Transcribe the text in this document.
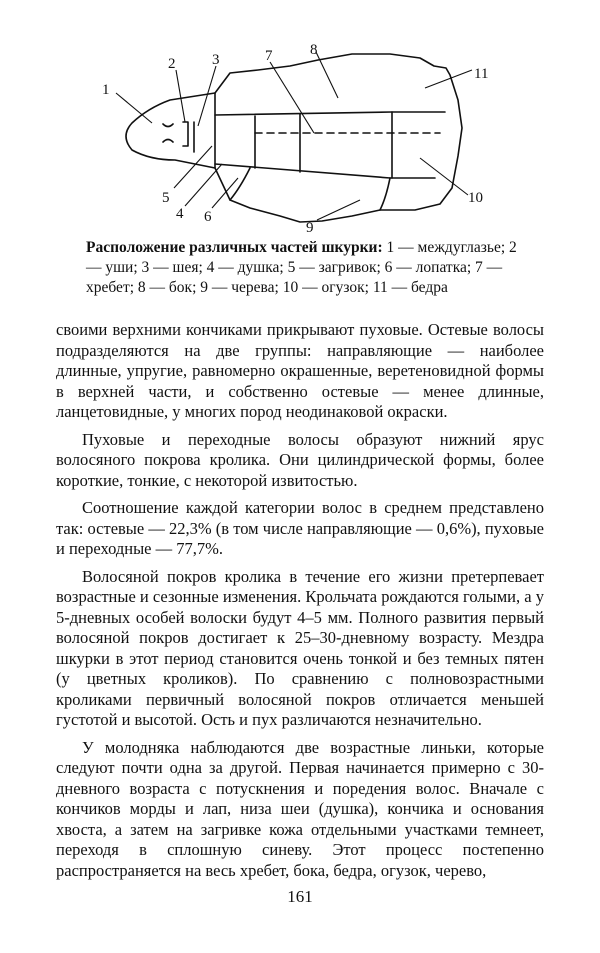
1
2 3
4
5
6
7	8
9
10
11

Расположение различных частей шкурки: 1 — междуглазье; 2 — уши; 3 — шея; 4 — душка; 5 — загривок; 6 — лопатка; 7 — хребет; 8 — бок; 9 — черева; 10 — огузок; 11 — бедра

своими верхними кончиками прикрывают пуховые. Остевые волосы подразделяются на две группы: направляющие — наиболее длинные, упругие, равномерно окрашенные, веретеновидной формы в верхней части, и собственно остевые — менее длинные, ланцетовидные, у многих пород неодинаковой окраски.

Пуховые и переходные волосы образуют нижний ярус волосяного покрова кролика. Они цилиндрической формы, более короткие, тонкие, с некоторой извитостью.

Соотношение каждой категории волос в среднем представлено так: остевые — 22,3% (в том числе направляющие — 0,6%), пуховые и переходные — 77,7%.

Волосяной покров кролика в течение его жизни претерпевает возрастные и сезонные изменения. Крольчата рождаются голыми, а у 5-дневных особей волоски будут 4–5 мм. Полного развития первый волосяной покров достигает к 25–30-дневному возрасту. Мездра шкурки в этот период становится очень тонкой и без темных пятен (у цветных кроликов). По сравнению с полновозрастными кроликами первичный волосяной покров отличается меньшей густотой и высотой. Ость и пух различаются незначительно.

У молодняка наблюдаются две возрастные линьки, которые следуют почти одна за другой. Первая начинается примерно с 30-дневного возраста с потускнения и поредения волос. Вначале с кончиков морды и лап, низа шеи (душка), кончика и основания хвоста, а затем на загривке кожа отдельными участками темнеет, переходя в сплошную синеву. Этот процесс постепенно распространяется на весь хребет, бока, бедра, огузок, черево,

161
